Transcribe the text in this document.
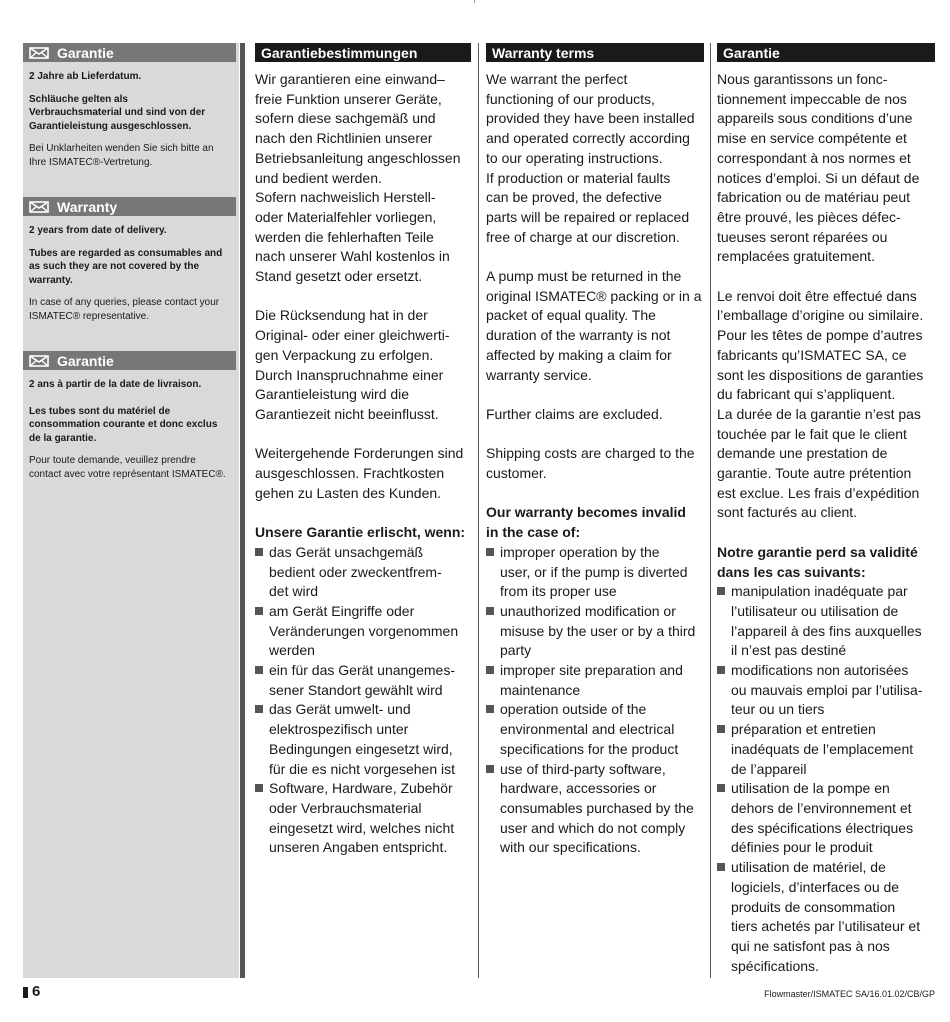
Garantie

2 Jahre ab Lieferdatum.

Schläuche gelten als
Verbrauchsmaterial und sind von der
Garantieleistung ausgeschlossen.

Bei Unklarheiten wenden Sie sich bitte an
Ihre ISMATEC®-Vertretung.

Warranty

2 years from date of delivery.

Tubes are regarded as consumables and
as such they are not covered by the
warranty.

In case of any queries, please contact your
ISMATEC® representative.

Garantie

2 ans à partir de la date de livraison.

Les tubes sont du matériel de
consommation courante et donc exclus
de la garantie.

Pour toute demande, veuillez prendre
contact avec votre représentant ISMATEC®.

Garantiebestimmungen

Wir garantieren eine einwand–
freie Funktion unserer Geräte,
sofern diese sachgemäß und
nach den Richtlinien unserer
Betriebsanleitung angeschlossen
und bedient werden.
Sofern nachweislich Herstell-
oder Materialfehler vorliegen,
werden die fehlerhaften Teile
nach unserer Wahl kostenlos in
Stand gesetzt oder ersetzt.

Die Rücksendung hat in der
Original- oder einer gleichwerti-
gen Verpackung zu erfolgen.
Durch Inanspruchnahme einer
Garantieleistung wird die
Garantiezeit nicht beeinflusst.

Weitergehende Forderungen sind
ausgeschlossen. Frachtkosten
gehen zu Lasten des Kunden.

Unsere Garantie erlischt, wenn:
das Gerät unsachgemäß
bedient oder zweckentfrem-
det wird
am Gerät Eingriffe oder
Veränderungen vorgenommen
werden
ein für das Gerät unangemes-
sener Standort gewählt wird
das Gerät umwelt- und
elektrospezifisch unter
Bedingungen eingesetzt wird,
für die es nicht vorgesehen ist
Software, Hardware, Zubehör
oder Verbrauchsmaterial
eingesetzt wird, welches nicht
unseren Angaben entspricht.
Warranty terms

We warrant the perfect
functioning of our products,
provided they have been installed
and operated correctly according
to our operating instructions.
If production or material faults
can be proved, the defective
parts will be repaired or replaced
free of charge at our discretion.

A pump must be returned in the
original ISMATEC® packing or in a
packet of equal quality. The
duration of the warranty is not
affected by making a claim for
warranty service.

Further claims are excluded.

Shipping costs are charged to the
customer.

Our warranty becomes invalid
in the case of:
improper operation by the
user, or if the pump is diverted
from its proper use
unauthorized modification or
misuse by the user or by a third
party
improper site preparation and
maintenance
operation outside of the
environmental and electrical
specifications for the product
use of third-party software,
hardware, accessories or
consumables purchased by the
user and which do not comply
with our specifications.
Garantie

Nous garantissons un fonc-
tionnement impeccable de nos
appareils sous conditions d’une
mise en service compétente et
correspondant à nos normes et
notices d’emploi. Si un défaut de
fabrication ou de matériau peut
être prouvé, les pièces défec-
tueuses seront réparées ou
remplacées gratuitement.

Le renvoi doit être effectué dans
l’emballage d’origine ou similaire.
Pour les têtes de pompe d’autres
fabricants qu’ISMATEC SA, ce
sont les dispositions de garanties
du fabricant qui s’appliquent.
La durée de la garantie n’est pas
touchée par le fait que le client
demande une prestation de
garantie. Toute autre prétention
est exclue. Les frais d’expédition
sont facturés au client.

Notre garantie perd sa validité
dans les cas suivants:
manipulation inadéquate par
l’utilisateur ou utilisation de
l’appareil à des fins auxquelles
il n’est pas destiné
modifications non autorisées
ou mauvais emploi par l’utilisa-
teur ou un tiers
préparation et entretien
inadéquats de l’emplacement
de l’appareil
utilisation de la pompe en
dehors de l’environnement et
des spécifications électriques
définies pour le produit
utilisation de matériel, de
logiciels, d’interfaces ou de
produits de consommation
tiers achetés par l’utilisateur et
qui ne satisfont pas à nos
spécifications.
6	Flowmaster/ISMATEC SA/16.01.02/CB/GP
